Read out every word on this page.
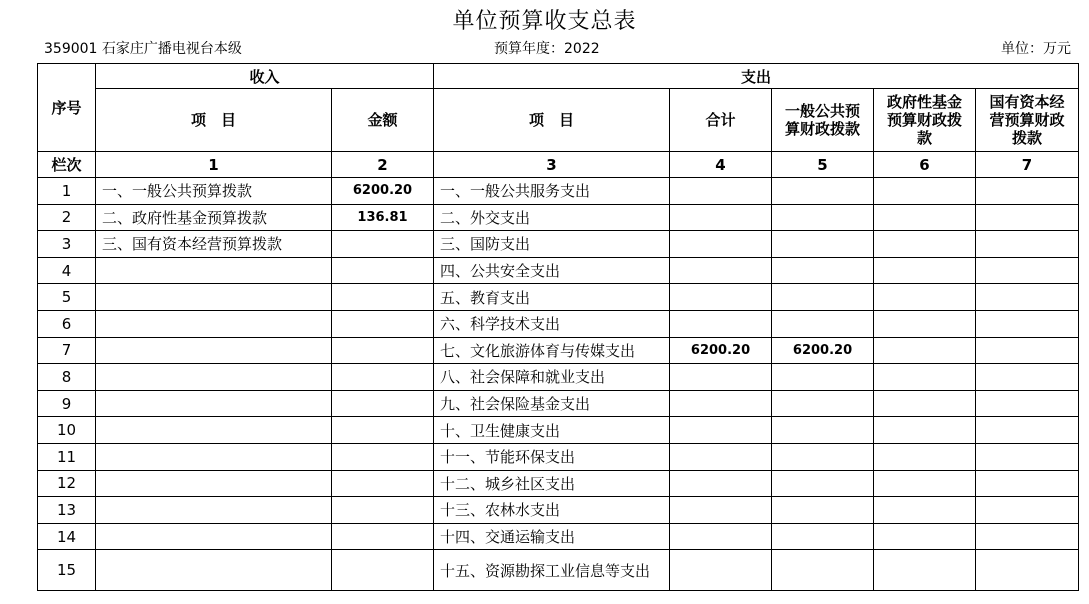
单位预算收支总表
359001 石家庄广播电视台本级	预算年度：2022	单位：万元
序号	收入		支出				
	项　目	金额	项　目	合计	一般公共预算财政拨款	政府性基金预算财政拨款	国有资本经营预算财政拨款
栏次	1	2	3	4	5	6	7
1	一、一般公共预算拨款	6200.20	一、一般公共服务支出				
2	二、政府性基金预算拨款	136.81	二、外交支出				
3	三、国有资本经营预算拨款		三、国防支出				
4			四、公共安全支出				
5			五、教育支出				
6			六、科学技术支出				
7			七、文化旅游体育与传媒支出	6200.20	6200.20		
8			八、社会保障和就业支出				
9			九、社会保险基金支出				
10			十、卫生健康支出				
11			十一、节能环保支出				
12			十二、城乡社区支出				
13			十三、农林水支出				
14			十四、交通运输支出				
15			十五、资源勘探工业信息等支出				
